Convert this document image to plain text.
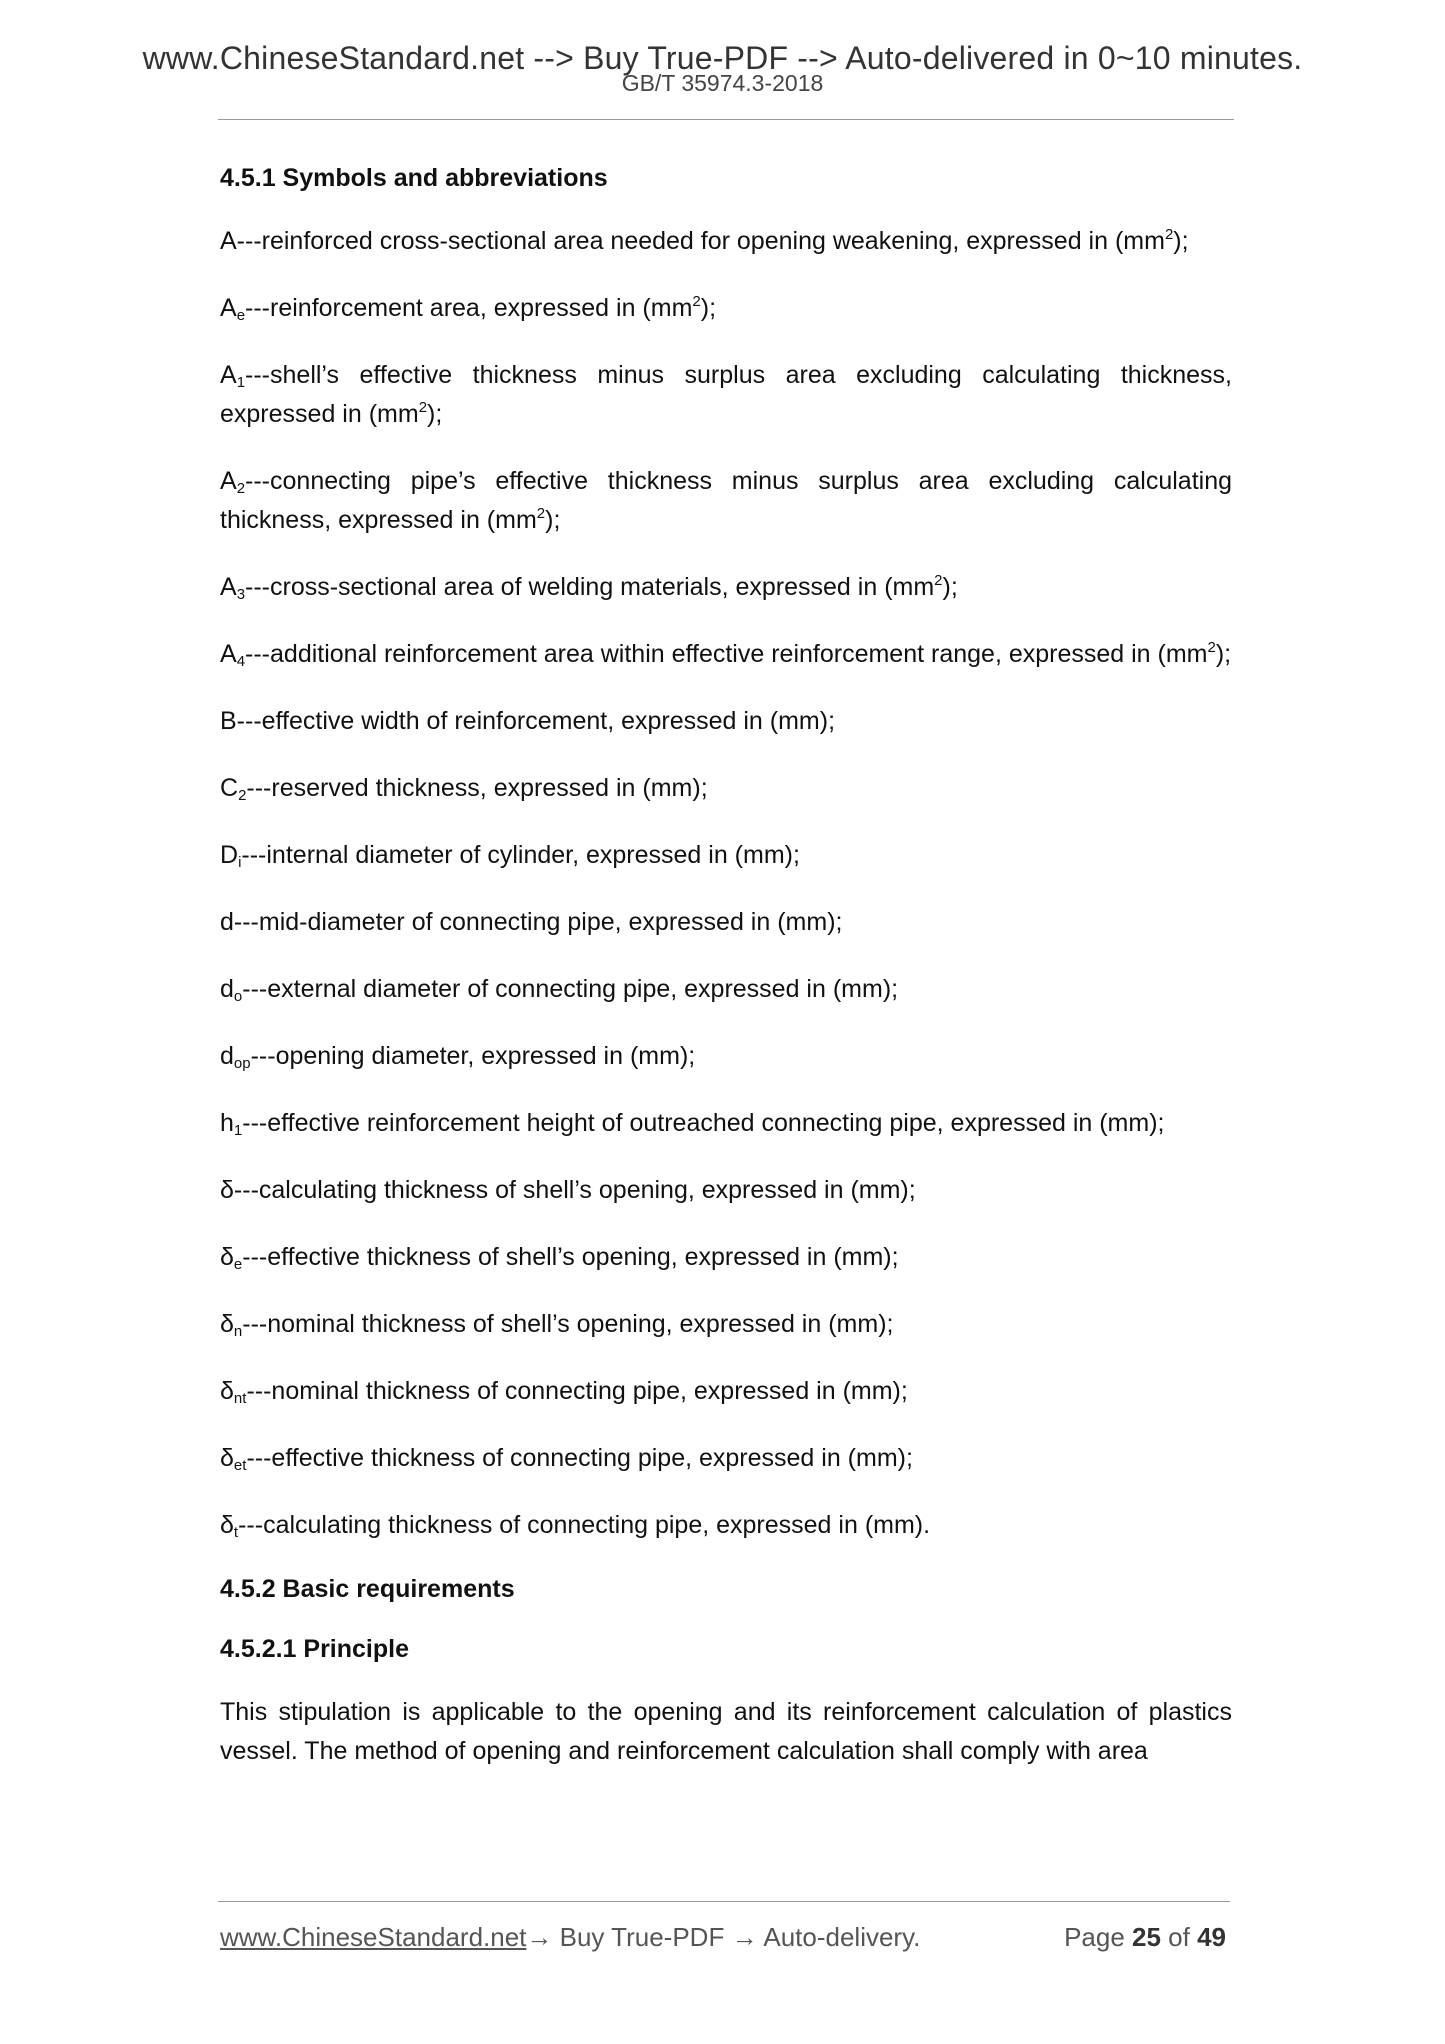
www.ChineseStandard.net --> Buy True-PDF --> Auto-delivered in 0~10 minutes.
GB/T 35974.3-2018

4.5.1 Symbols and abbreviations

A---reinforced cross-sectional area needed for opening weakening, expressed in $(mm^2)$;

$A_e--$-reinforcement area, expressed in $(mm^2)$;

$A_1---shell’s$ effective thickness minus surplus area excluding calculating thickness, expressed in $(mm^2)$;

$A_2--$-connecting pipe’s effective thickness minus surplus area excluding calculating thickness, expressed in $(mm^2)$;

$A_3---cross$-sectional area of welding materials, expressed in $(mm^2)$;

$A_4--$-additional reinforcement area within effective reinforcement range, expressed in $(mm^2)$;

B---effective width of reinforcement, expressed in (mm);

$C_2--$-reserved thickness, expressed in (mm);

$D_i--$-internal diameter of cylinder, expressed in (mm);

d---mid-diameter of connecting pipe, expressed in (mm);

$d_o--$-external diameter of connecting pipe, expressed in (mm);

$d_{op}--$-opening diameter, expressed in (mm);

$h_1--$-effective reinforcement height of outreached connecting pipe, expressed in (mm);

δ---calculating thickness of shell’s opening, expressed in (mm);

$\delta_e--$-effective thickness of shell’s opening, expressed in (mm);

$\delta_n--$-nominal thickness of shell’s opening, expressed in (mm);

$\delta_{nt}--$-nominal thickness of connecting pipe, expressed in (mm);

$\delta_{et}--$-effective thickness of connecting pipe, expressed in (mm);

$\delta_t--$-calculating thickness of connecting pipe, expressed in (mm).

4.5.2 Basic requirements

4.5.2.1 Principle

This stipulation is applicable to the opening and its reinforcement calculation of plastics vessel. The method of opening and reinforcement calculation shall comply with area

www.ChineseStandard.net→ Buy True-PDF → Auto-delivery.	Page 25 of 49
